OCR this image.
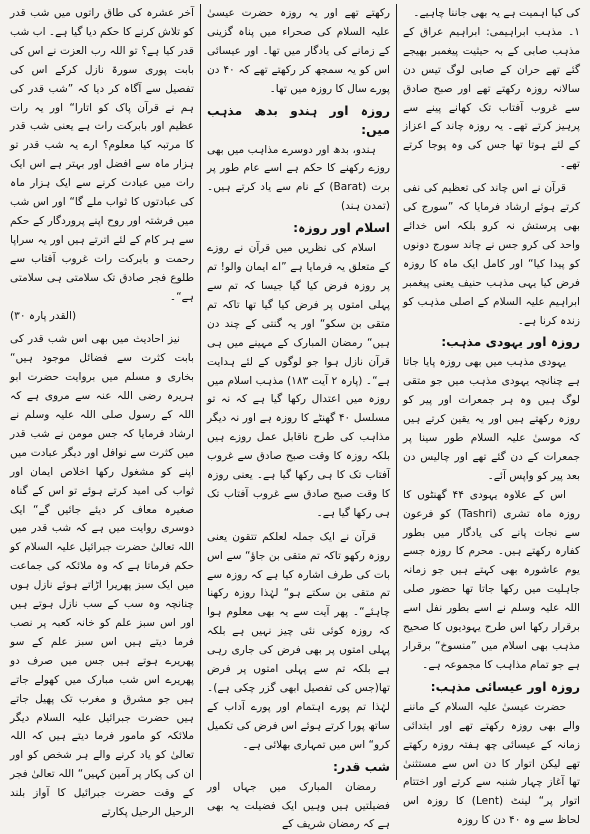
آخر عشرہ کی طاق راتوں میں شب قدر کو تلاش کرنے کا حکم دیا گیا ہے۔ اب شب قدر کیا ہے؟ تو اللہ رب العزت نے اس کی بابت پوری سورۃ نازل کرکے اس کی تفصیل سے آگاہ کر دیا کہ ”شب قدر کی ہم نے قرآن پاک کو اتارا“ اور یہ رات عظیم اور بابرکت رات ہے یعنی شب قدر کا مرتبہ کیا معلوم؟ ارے یہ شب قدر تو ہزار ماہ سے افضل اور بہتر ہے اس ایک رات میں عبادت کرنے سے ایک ہزار ماہ کی عبادتوں کا ثواب ملے گا“ اور اس شب میں فرشتہ اور روح اپنے پروردگار کے حکم سے ہر کام کے لئے اترتے ہیں اور یہ سراپا رحمت و بابرکت رات غروب آفتاب سے طلوع فجر صادق تک سلامتی ہی سلامتی ہے“۔

(القدر پارہ ۳۰)

نیز احادیث میں بھی اس شب قدر کی بابت کثرت سے فضائل موجود ہیں“ بخاری و مسلم میں بروایت حضرت ابو ہریرہ رضی اللہ عنہ سے مروی ہے کہ اللہ کے رسول صلی اللہ علیہ وسلم نے ارشاد فرمایا کہ جس مومن نے شب قدر میں کثرت سے نوافل اور دیگر عبادت میں اپنے کو مشغول رکھا اخلاص ایمان اور ثواب کی امید کرتے ہوئے تو اس کے گناہ صغیرہ معاف کر دیئے جائیں گے“ ایک دوسری روایت میں ہے کہ شب قدر میں اللہ تعالیٰ حضرت جبرائیل علیہ السلام کو حکم فرماتا ہے کہ وہ ملائکہ کی جماعت میں ایک سبز پھریرا اڑاتے ہوئے نازل ہوں چنانچہ وہ سب کے سب نازل ہوتے ہیں اور اس سبز علم کو خانہ کعبہ پر نصب فرما دیتے ہیں اس سبز علم کے سو پھریرے ہوتے ہیں جس میں صرف دو پھریرے اس شب مبارک میں کھولے جاتے ہیں جو مشرق و مغرب تک پھیل جاتے ہیں حضرت جبرائیل علیہ السلام دیگر ملائکہ کو مامور فرما دیتے ہیں کہ اللہ تعالیٰ کو یاد کرنے والے ہر شخص کو اور ان کی پکار پر آمین کہیں“ اللہ تعالیٰ فجر کے وقت حضرت جبرائیل کا آواز بلند الرحیل الرحیل پکارتے

رکھتے تھے اور یہ روزہ حضرت عیسیٰ علیہ السلام کی صحراء میں پناہ گزینی کے زمانے کی یادگار میں تھا۔ اور عیسائی اس کو یہ سمجھ کر رکھتے تھے کہ ۴۰ دن پورے سال کا روزہ میں تھا۔

روزہ اور ہندو بدھ مذہب میں:

ہندو، بدھ اور دوسرے مذاہب میں بھی روزے رکھنے کا حکم ہے اسے عام طور پر برت (Barat) کے نام سے یاد کرتے ہیں۔ (تمدن ہند)

اسلام اور روزہ:

اسلام کی نظریں میں قرآن نے روزے کے متعلق یہ فرمایا ہے ”اے ایمان والو! تم پر روزہ فرض کیا گیا جیسا کہ تم سے پہلی امتوں پر فرض کیا گیا تھا تاکہ تم متقی بن سکو“ اور یہ گنتی کے چند دن ہیں“ رمضان المبارک کے مہینے میں ہی قرآن نازل ہوا جو لوگوں کے لئے ہدایت ہے“۔ (پارہ ۲ آیت ۱۸۳) مذہب اسلام میں روزہ میں اعتدال رکھا گیا ہے کہ نہ تو مسلسل ۴۰ گھنٹے کا روزہ ہے اور نہ دیگر مذاہب کی طرح ناقابل عمل روزے ہیں بلکہ روزہ کا وقت صبح صادق سے غروب آفتاب تک کا ہی رکھا گیا ہے۔ یعنی روزہ کا وقت صبح صادق سے غروب آفتاب تک ہی رکھا گیا ہے۔

قرآن نے ایک جملہ لعلکم تتقون یعنی روزہ رکھو تاکہ تم متقی بن جاؤ“ سے اس بات کی طرف اشارہ کیا ہے کہ روزہ سے تم متقی بن سکتے ہو“ لہٰذا روزہ رکھنا چاہئے“۔ پھر آیت سے یہ بھی معلوم ہوا کہ روزہ کوئی نئی چیز نہیں ہے بلکہ پہلی امتوں پر بھی فرض کی جاری رہی ہے بلکہ تم سے پہلی امتوں پر فرض تھا(جس کی تفصیل ابھی گزر چکی ہے)۔ لہٰذا تم پورے اہتمام اور پورے آداب کے ساتھ پورا کرتے ہوئے اس فرض کی تکمیل کرو“ اس میں تمہاری بھلائی ہے۔

شب قدر:

رمضان المبارک میں جہاں اور فضیلتیں ہیں وہیں ایک فضیلت یہ بھی ہے کہ رمضان شریف کے

کی کیا اہمیت ہے یہ بھی جاننا چاہیے۔

۱۔ مذہب ابراہیمی: ابراہیم عراق کے مذہب صابی کے بہ حیثیت پیغمبر بھیجے گئے تھے حران کے صابی لوگ تیس دن سالانہ روزہ رکھتے تھے اور صبح صادق سے غروب آفتاب تک کھانے پینے سے پرہیز کرتے تھے۔ یہ روزہ چاند کے اعزاز کے لئے ہوتا تھا جس کی وہ پوجا کرتے تھے۔

قرآن نے اس چاند کی تعظیم کی نفی کرتے ہوئے ارشاد فرمایا کہ ”سورج کی بھی پرستش نہ کرو بلکہ اس خدائے واحد کی کرو جس نے چاند سورج دونوں کو پیدا کیا“ اور کامل ایک ماہ کا روزہ فرض کیا یہی مذہب حنیف یعنی پیغمبر ابراہیم علیہ السلام کے اصلی مذہب کو زندہ کرنا ہے۔

روزہ اور یہودی مذہب:

یہودی مذہب میں بھی روزہ پایا جاتا ہے چنانچہ یہودی مذہب میں جو متقی لوگ ہیں وہ ہر جمعرات اور پیر کو روزہ رکھتے ہیں اور یہ یقین کرتے ہیں کہ موسیٰ علیہ السلام طور سینا پر جمعرات کے دن گئے تھے اور چالیس دن بعد پیر کو واپس آئے۔

اس کے علاوہ یہودی ۴۴ گھنٹوں کا روزہ ماہ تشری (Tashri) کو فرعون سے نجات پانے کی یادگار میں بطور کفارہ رکھتے ہیں۔ محرم کا روزہ جسے یوم عاشورہ بھی کہتے ہیں جو زمانہ جاہلیت میں رکھا جاتا تھا حضور صلی اللہ علیہ وسلم نے اسے بطور نفل اسے برقرار رکھا اس طرح یہودیوں کا صحیح مذہب بھی اسلام میں ”منسوخ“ برقرار ہے جو تمام مذاہب کا مجموعہ ہے۔

روزہ اور عیسائی مذہب:

حضرت عیسیٰ علیہ السلام کے ماننے والے بھی روزہ رکھتے تھے اور ابتدائی زمانہ کے عیسائی چھ ہفتہ روزہ رکھتے تھے لیکن اتوار کا دن اس سے مستثنیٰ تھا آغاز چہار شنبہ سے کرتے اور اختتام اتوار پر“ لینٹ (Lent) کا روزہ اس لحاظ سے وہ ۴۰ دن کا روزہ
